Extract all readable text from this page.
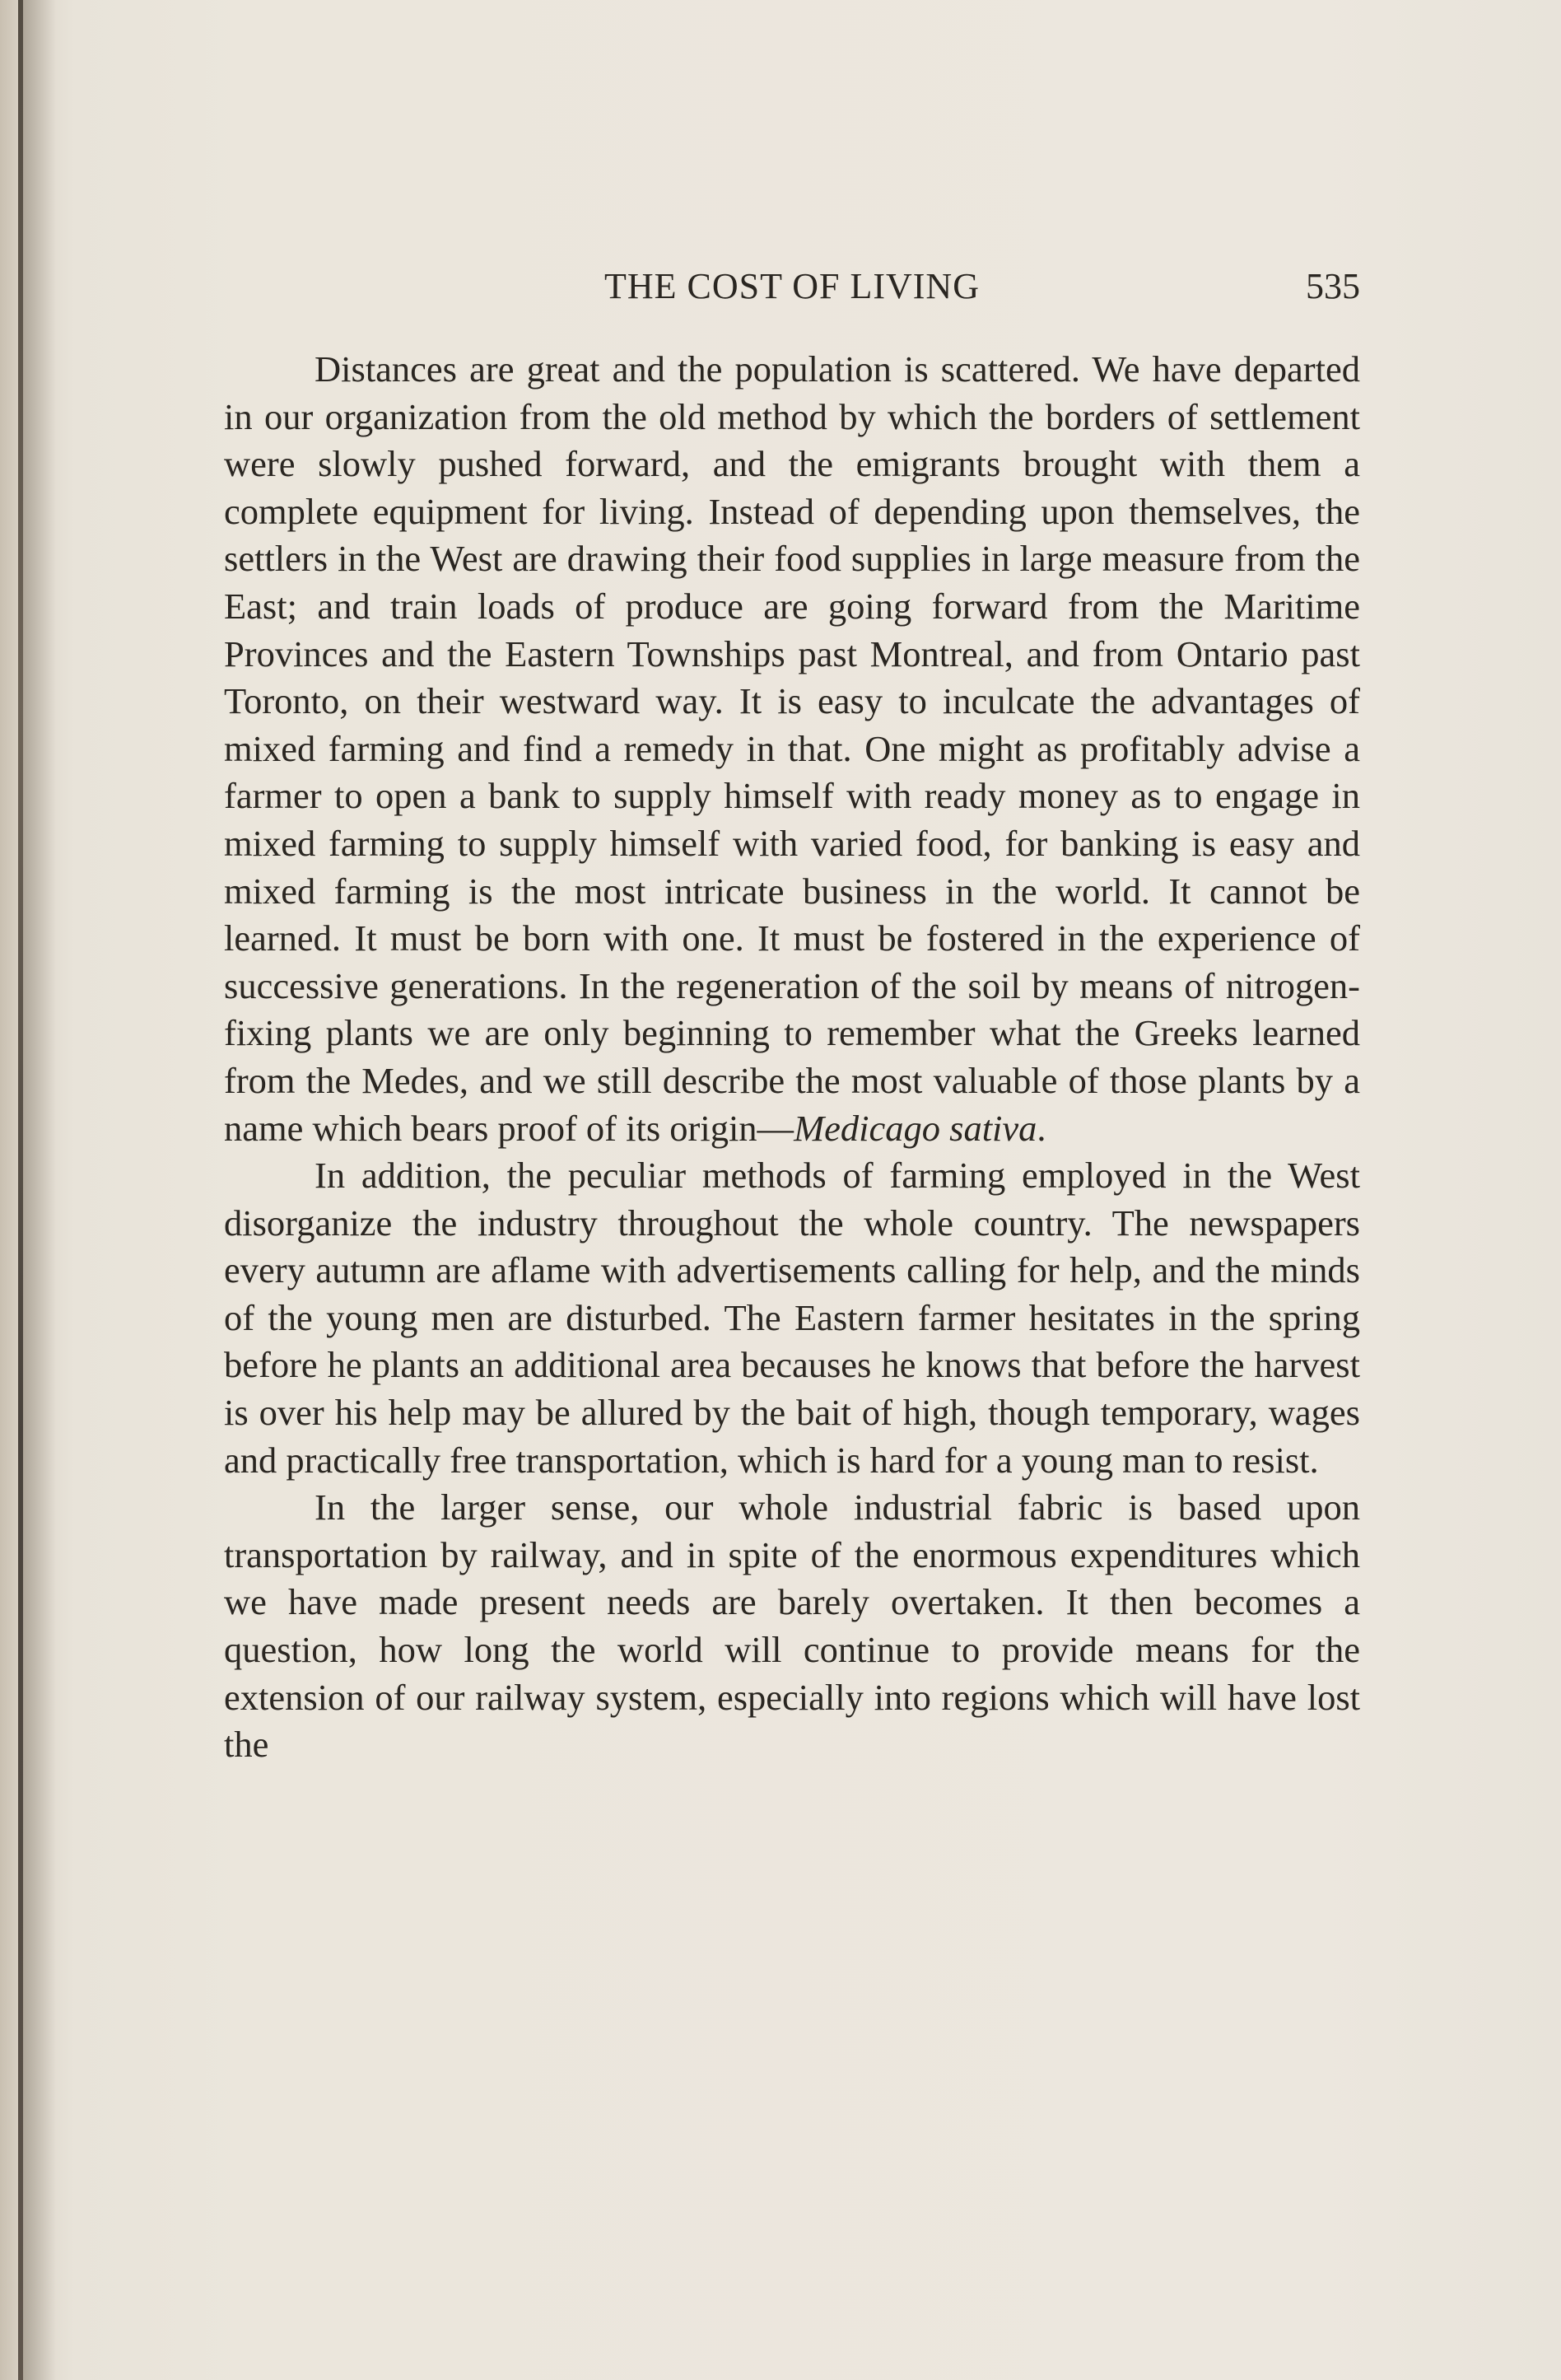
THE COST OF LIVING	535

Distances are great and the population is scattered. We have departed in our organization from the old method by which the borders of settlement were slowly pushed forward, and the emigrants brought with them a complete equipment for living. Instead of depending upon themselves, the settlers in the West are drawing their food supplies in large measure from the East; and train loads of produce are going forward from the Maritime Provinces and the Eastern Townships past Montreal, and from Ontario past Toronto, on their westward way. It is easy to inculcate the advantages of mixed farming and find a remedy in that. One might as profitably advise a farmer to open a bank to supply himself with ready money as to engage in mixed farming to supply himself with varied food, for banking is easy and mixed farming is the most intricate business in the world. It cannot be learned. It must be born with one. It must be fostered in the experience of successive generations. In the regeneration of the soil by means of nitrogen-fixing plants we are only beginning to remember what the Greeks learned from the Medes, and we still describe the most valuable of those plants by a name which bears proof of its origin—Medicago sativa.

In addition, the peculiar methods of farming employed in the West disorganize the industry throughout the whole country. The newspapers every autumn are aflame with advertisements calling for help, and the minds of the young men are disturbed. The Eastern farmer hesitates in the spring before he plants an additional area becauses he knows that before the harvest is over his help may be allured by the bait of high, though temporary, wages and practically free transportation, which is hard for a young man to resist.

In the larger sense, our whole industrial fabric is based upon transportation by railway, and in spite of the enormous expenditures which we have made present needs are barely overtaken. It then becomes a question, how long the world will continue to provide means for the extension of our railway system, especially into regions which will have lost the
